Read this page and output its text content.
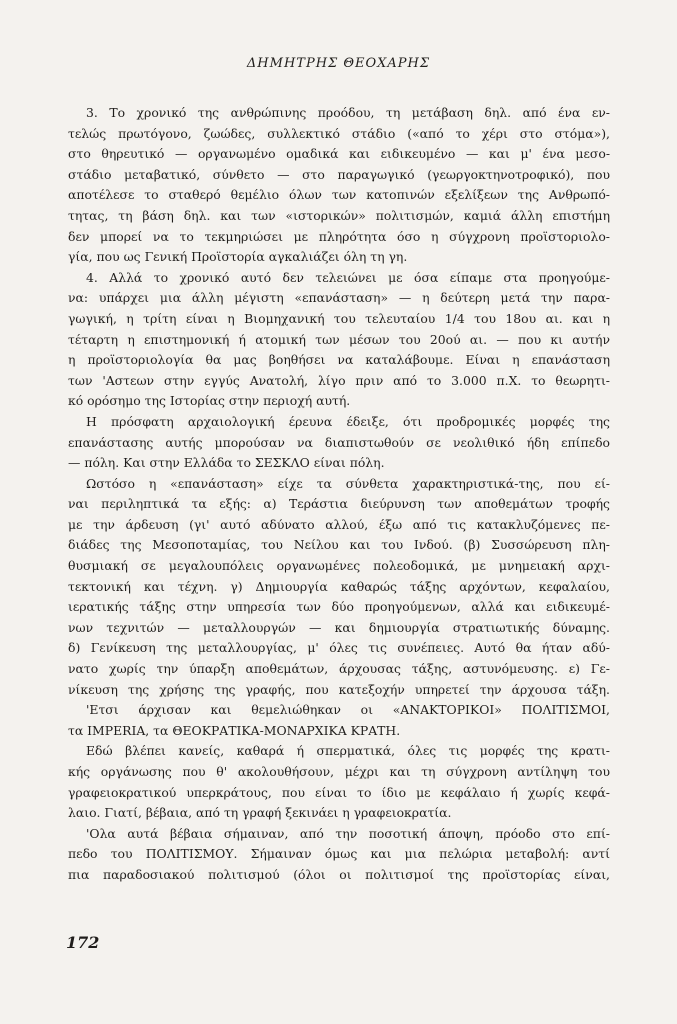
ΔΗΜΗΤΡΗΣ ΘΕΟΧΑΡΗΣ
3. Το χρονικό της ανθρώπινης προόδου, τη μετάβαση δηλ. από ένα εν-
τελώς πρωτόγονο, ζωώδες, συλλεκτικό στάδιο («από το χέρι στο στόμα»),
στο θηρευτικό — οργανωμένο ομαδικά και ειδικευμένο — και μ' ένα μεσο-
στάδιο μεταβατικό, σύνθετο — στο παραγωγικό (γεωργοκτηνοτροφικό), που
αποτέλεσε το σταθερό θεμέλιο όλων των κατοπινών εξελίξεων της Ανθρωπό-
τητας, τη βάση δηλ. και των «ιστορικών» πολιτισμών, καμιά άλλη επιστήμη
δεν μπορεί να το τεκμηριώσει με πληρότητα όσο η σύγχρονη προϊστοριολο-
γία, που ως Γενική Προϊστορία αγκαλιάζει όλη τη γη.
4. Αλλά το χρονικό αυτό δεν τελειώνει με όσα είπαμε στα προηγούμε-
να: υπάρχει μια άλλη μέγιστη «επανάσταση» — η δεύτερη μετά την παρα-
γωγική, η τρίτη είναι η Βιομηχανική του τελευταίου 1/4 του 18ου αι. και η
τέταρτη η επιστημονική ή ατομική των μέσων του 20ού αι. — που κι αυτήν
η προϊστοριολογία θα μας βοηθήσει να καταλάβουμε. Είναι η επανάσταση
των 'Αστεων στην εγγύς Ανατολή, λίγο πριν από το 3.000 π.Χ. το θεωρητι-
κό ορόσημο της Ιστορίας στην περιοχή αυτή.
Η πρόσφατη αρχαιολογική έρευνα έδειξε, ότι προδρομικές μορφές της
επανάστασης αυτής μπορούσαν να διαπιστωθούν σε νεολιθικό ήδη επίπεδο
— πόλη. Και στην Ελλάδα το ΣΕΣΚΛΟ είναι πόλη.
Ωστόσο η «επανάσταση» είχε τα σύνθετα χαρακτηριστικά-της, που εί-
ναι περιληπτικά τα εξής: α) Τεράστια διεύρυνση των αποθεμάτων τροφής
με την άρδευση (γι' αυτό αδύνατο αλλού, έξω από τις κατακλυζόμενες πε-
διάδες της Μεσοποταμίας, του Νείλου και του Ινδού. (β) Συσσώρευση πλη-
θυσμιακή σε μεγαλουπόλεις οργανωμένες πολεοδομικά, με μνημειακή αρχι-
τεκτονική και τέχνη. γ) Δημιουργία καθαρώς τάξης αρχόντων, κεφαλαίου,
ιερατικής τάξης στην υπηρεσία των δύο προηγούμενων, αλλά και ειδικευμέ-
νων τεχνιτών — μεταλλουργών — και δημιουργία στρατιωτικής δύναμης.
δ) Γενίκευση της μεταλλουργίας, μ' όλες τις συνέπειες. Αυτό θα ήταν αδύ-
νατο χωρίς την ύπαρξη αποθεμάτων, άρχουσας τάξης, αστυνόμευσης. ε) Γε-
νίκευση της χρήσης της γραφής, που κατεξοχήν υπηρετεί την άρχουσα τάξη.
'Ετσι άρχισαν και θεμελιώθηκαν οι «ΑΝΑΚΤΟΡΙΚΟΙ» ΠΟΛΙΤΙΣΜΟΙ,
τα IMPERIA, τα ΘΕΟΚΡΑΤΙΚΑ-ΜΟΝΑΡΧΙΚΑ ΚΡΑΤΗ.
Εδώ βλέπει κανείς, καθαρά ή σπερματικά, όλες τις μορφές της κρατι-
κής οργάνωσης που θ' ακολουθήσουν, μέχρι και τη σύγχρονη αντίληψη του
γραφειοκρατικού υπερκράτους, που είναι το ίδιο με κεφάλαιο ή χωρίς κεφά-
λαιο. Γιατί, βέβαια, από τη γραφή ξεκινάει η γραφειοκρατία.
'Ολα αυτά βέβαια σήμαιναν, από την ποσοτική άποψη, πρόοδο στο επί-
πεδο του ΠΟΛΙΤΙΣΜΟΥ. Σήμαιναν όμως και μια πελώρια μεταβολή: αντί
πια παραδοσιακού πολιτισμού (όλοι οι πολιτισμοί της προϊστορίας είναι,
172
